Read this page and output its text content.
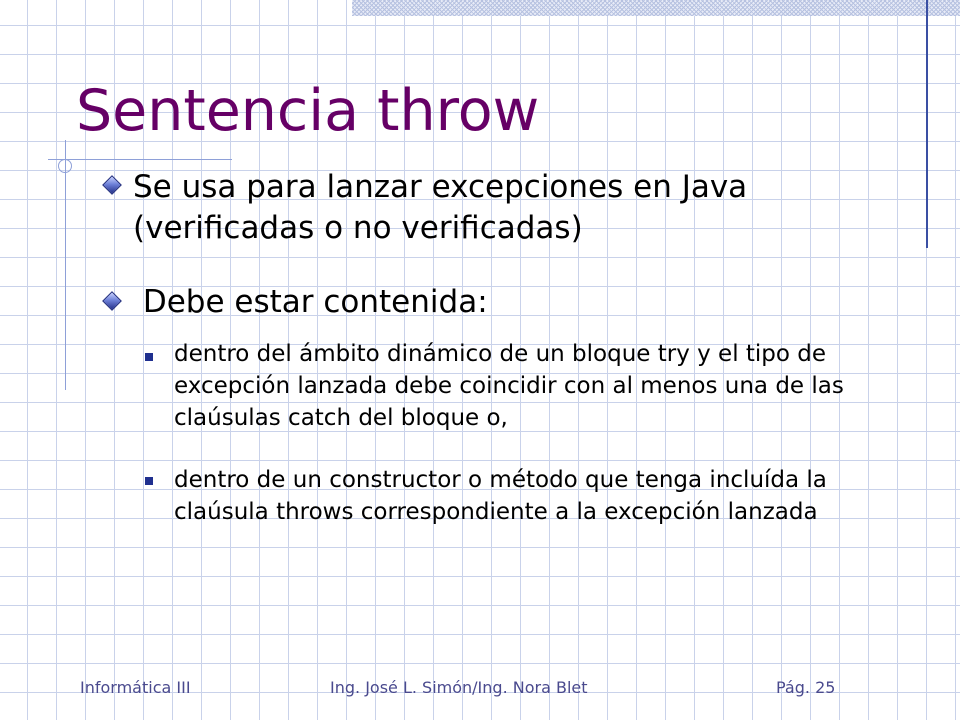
Sentencia throw
Se usa para lanzar excepciones en Java (verificadas o no verificadas)
Debe estar contenida:
dentro del ámbito dinámico de un bloque try y el tipo de excepción lanzada debe coincidir con al menos una de las claúsulas catch del bloque o,
dentro de un constructor o método que tenga incluída la claúsula throws correspondiente a la excepción lanzada
Informática III	Ing. José L. Simón/Ing. Nora Blet	Pág. 25
